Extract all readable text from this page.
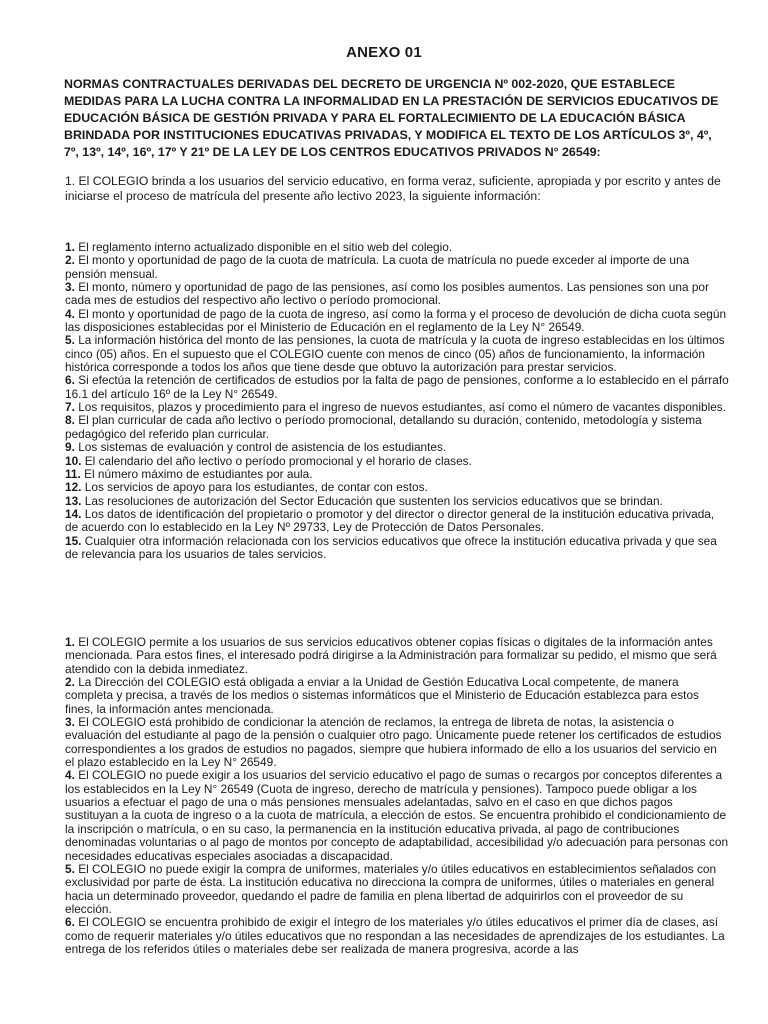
ANEXO 01
NORMAS CONTRACTUALES DERIVADAS DEL DECRETO DE URGENCIA Nº 002-2020, QUE ESTABLECE MEDIDAS PARA LA LUCHA CONTRA LA INFORMALIDAD EN LA PRESTACIÓN DE SERVICIOS EDUCATIVOS DE EDUCACIÓN BÁSICA DE GESTIÓN PRIVADA Y PARA EL FORTALECIMIENTO DE LA EDUCACIÓN BÁSICA BRINDADA POR INSTITUCIONES EDUCATIVAS PRIVADAS, Y MODIFICA EL TEXTO DE LOS ARTÍCULOS 3º, 4º, 7º, 13º, 14º, 16º, 17º Y 21º DE LA LEY DE LOS CENTROS EDUCATIVOS PRIVADOS N° 26549:
1. El COLEGIO brinda a los usuarios del servicio educativo, en forma veraz, suficiente, apropiada y por escrito y antes de iniciarse el proceso de matrícula del presente año lectivo 2023, la siguiente información:

1. El reglamento interno actualizado disponible en el sitio web del colegio.

2. El monto y oportunidad de pago de la cuota de matrícula. La cuota de matrícula no puede exceder al importe de una pensión mensual.

3. El monto, número y oportunidad de pago de las pensiones, así como los posibles aumentos. Las pensiones son una por cada mes de estudios del respectivo año lectivo o período promocional.

4. El monto y oportunidad de pago de la cuota de ingreso, así como la forma y el proceso de devolución de dicha cuota según las disposiciones establecidas por el Ministerio de Educación en el reglamento de la Ley N° 26549.

5. La información histórica del monto de las pensiones, la cuota de matrícula y la cuota de ingreso establecidas en los últimos cinco (05) años. En el supuesto que el COLEGIO cuente con menos de cinco (05) años de funcionamiento, la información histórica corresponde a todos los años que tiene desde que obtuvo la autorización para prestar servicios.

6. Si efectúa la retención de certificados de estudios por la falta de pago de pensiones, conforme a lo establecido en el párrafo 16.1 del artículo 16º de la Ley N° 26549.

7. Los requisitos, plazos y procedimiento para el ingreso de nuevos estudiantes, así como el número de vacantes disponibles.

8. El plan curricular de cada año lectivo o período promocional, detallando su duración, contenido, metodología y sistema pedagógico del referido plan curricular.

9. Los sistemas de evaluación y control de asistencia de los estudiantes.

10. El calendario del año lectivo o período promocional y el horario de clases.

11. El número máximo de estudiantes por aula.

12. Los servicios de apoyo para los estudiantes, de contar con estos.

13. Las resoluciones de autorización del Sector Educación que sustenten los servicios educativos que se brindan.

14. Los datos de identificación del propietario o promotor y del director o director general de la institución educativa privada, de acuerdo con lo establecido en la Ley Nº 29733, Ley de Protección de Datos Personales.

15. Cualquier otra información relacionada con los servicios educativos que ofrece la institución educativa privada y que sea de relevancia para los usuarios de tales servicios.

1. El COLEGIO permite a los usuarios de sus servicios educativos obtener copias físicas o digitales de la información antes mencionada. Para estos fines, el interesado podrá dirigirse a la Administración para formalizar su pedido, el mismo que será atendido con la debida inmediatez.

2. La Dirección del COLEGIO está obligada a enviar a la Unidad de Gestión Educativa Local competente, de manera completa y precisa, a través de los medios o sistemas informáticos que el Ministerio de Educación establezca para estos fines, la información antes mencionada.

3. El COLEGIO está prohibido de condicionar la atención de reclamos, la entrega de libreta de notas, la asistencia o evaluación del estudiante al pago de la pensión o cualquier otro pago. Únicamente puede retener los certificados de estudios correspondientes a los grados de estudios no pagados, siempre que hubiera informado de ello a los usuarios del servicio en el plazo establecido en la Ley N° 26549.

4. El COLEGIO no puede exigir a los usuarios del servicio educativo el pago de sumas o recargos por conceptos diferentes a los establecidos en la Ley N° 26549 (Cuota de ingreso, derecho de matrícula y pensiones). Tampoco puede obligar a los usuarios a efectuar el pago de una o más pensiones mensuales adelantadas, salvo en el caso en que dichos pagos sustituyan a la cuota de ingreso o a la cuota de matrícula, a elección de estos. Se encuentra prohibido el condicionamiento de la inscripción o matrícula, o en su caso, la permanencia en la institución educativa privada, al pago de contribuciones denominadas voluntarias o al pago de montos por concepto de adaptabilidad, accesibilidad y/o adecuación para personas con necesidades educativas especiales asociadas a discapacidad.

5. El COLEGIO no puede exigir la compra de uniformes, materiales y/o útiles educativos en establecimientos señalados con exclusividad por parte de ésta. La institución educativa no direcciona la compra de uniformes, útiles o materiales en general hacia un determinado proveedor, quedando el padre de familia en plena libertad de adquirirlos con el proveedor de su elección.

6. El COLEGIO se encuentra prohibido de exigir el íntegro de los materiales y/o útiles educativos el primer día de clases, así como de requerir materiales y/o útiles educativos que no respondan a las necesidades de aprendizajes de los estudiantes. La entrega de los referidos útiles o materiales debe ser realizada de manera progresiva, acorde a las
